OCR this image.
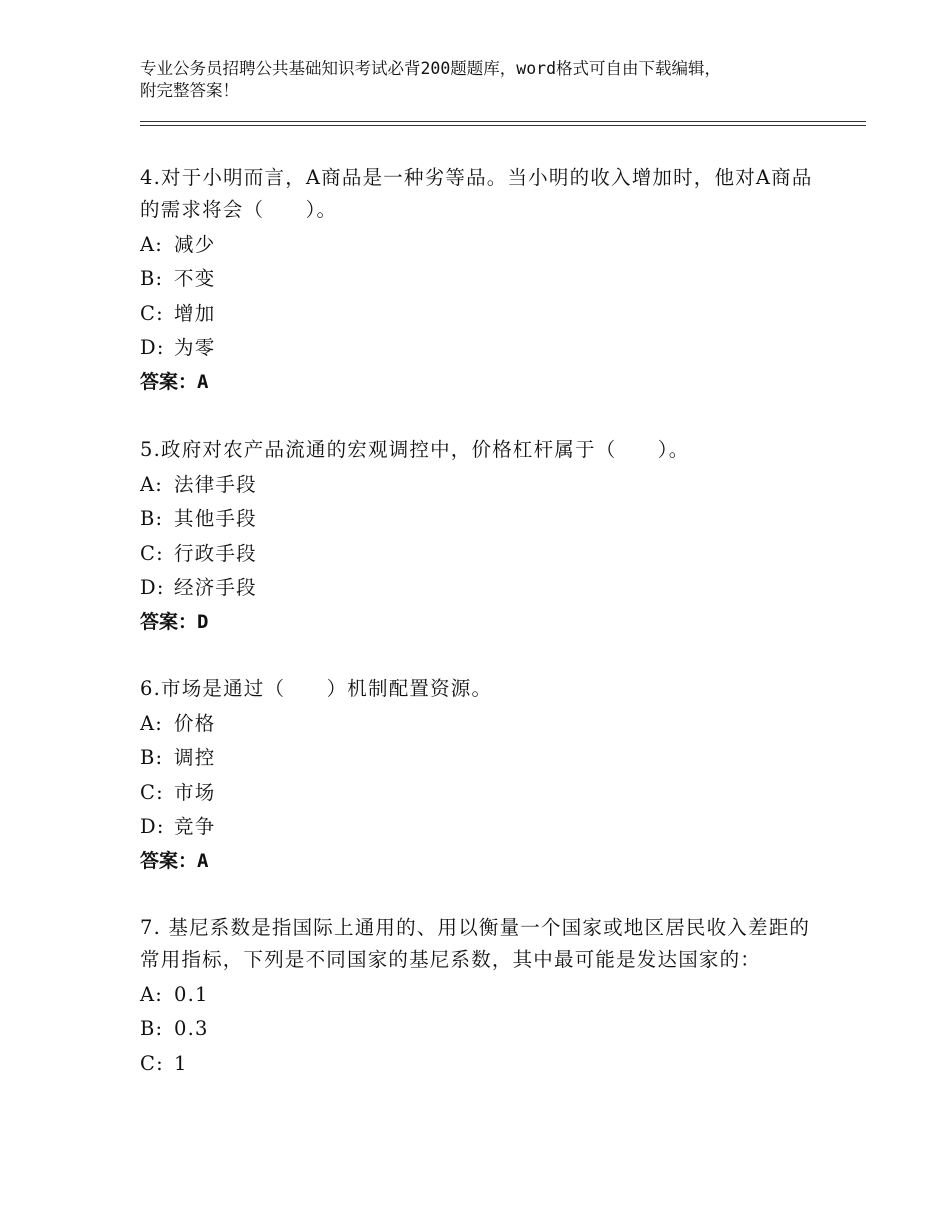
专业公务员招聘公共基础知识考试必背200题题库，word格式可自由下载编辑，
附完整答案！
4.对于小明而言，A商品是一种劣等品。当小明的收入增加时，他对A商品的需求将会（　　）。
A: 减少
B: 不变
C: 增加
D: 为零
答案：A
5.政府对农产品流通的宏观调控中，价格杠杆属于（　　）。
A: 法律手段
B: 其他手段
C: 行政手段
D: 经济手段
答案：D
6.市场是通过（　　）机制配置资源。
A: 价格
B: 调控
C: 市场
D: 竞争
答案：A
7. 基尼系数是指国际上通用的、用以衡量一个国家或地区居民收入差距的常用指标，下列是不同国家的基尼系数，其中最可能是发达国家的：
A: 0.1
B: 0.3
C: 1
